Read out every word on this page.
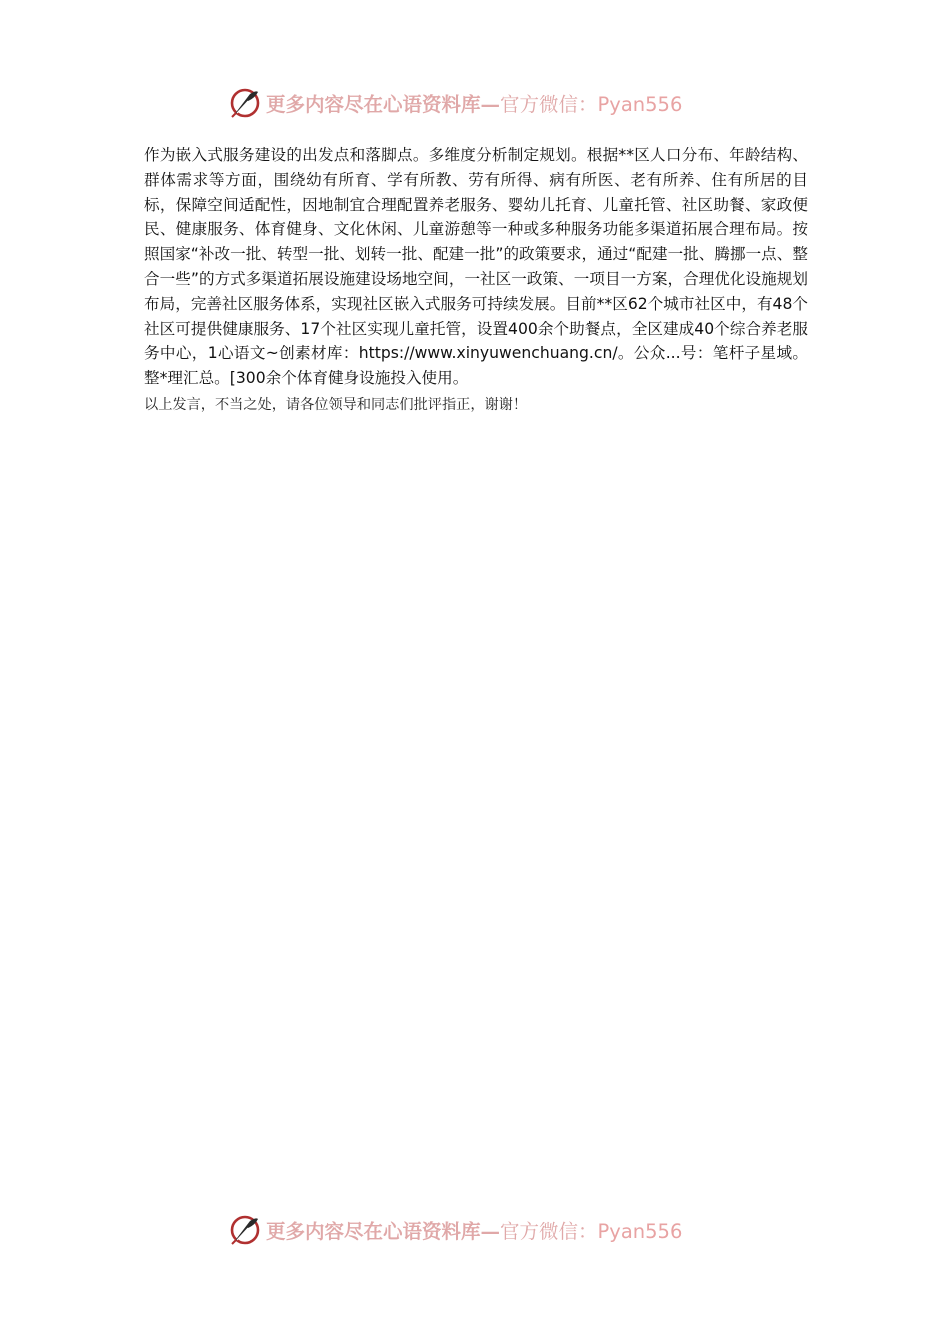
更多内容尽在心语资料库—官方微信：Pyan556

作为嵌入式服务建设的出发点和落脚点。多维度分析制定规划。根据**区人口分布、年龄结构、群体需求等方面，围绕幼有所育、学有所教、劳有所得、病有所医、老有所养、住有所居的目标，保障空间适配性，因地制宜合理配置养老服务、婴幼儿托育、儿童托管、社区助餐、家政便民、健康服务、体育健身、文化休闲、儿童游憩等一种或多种服务功能多渠道拓展合理布局。按照国家“补改一批、转型一批、划转一批、配建一批”的政策要求，通过“配建一批、腾挪一点、整合一些”的方式多渠道拓展设施建设场地空间，一社区一政策、一项目一方案，合理优化设施规划布局，完善社区服务体系，实现社区嵌入式服务可持续发展。目前**区62个城市社区中，有48个社区可提供健康服务、17个社区实现儿童托管，设置400余个助餐点，全区建成40个综合养老服务中心，1心语文~创素材库：https://www.xinyuwenchuang.cn/。公众...号：笔杆子星域。整*理汇总。[300余个体育健身设施投入使用。

以上发言，不当之处，请各位领导和同志们批评指正，谢谢！

更多内容尽在心语资料库—官方微信：Pyan556
